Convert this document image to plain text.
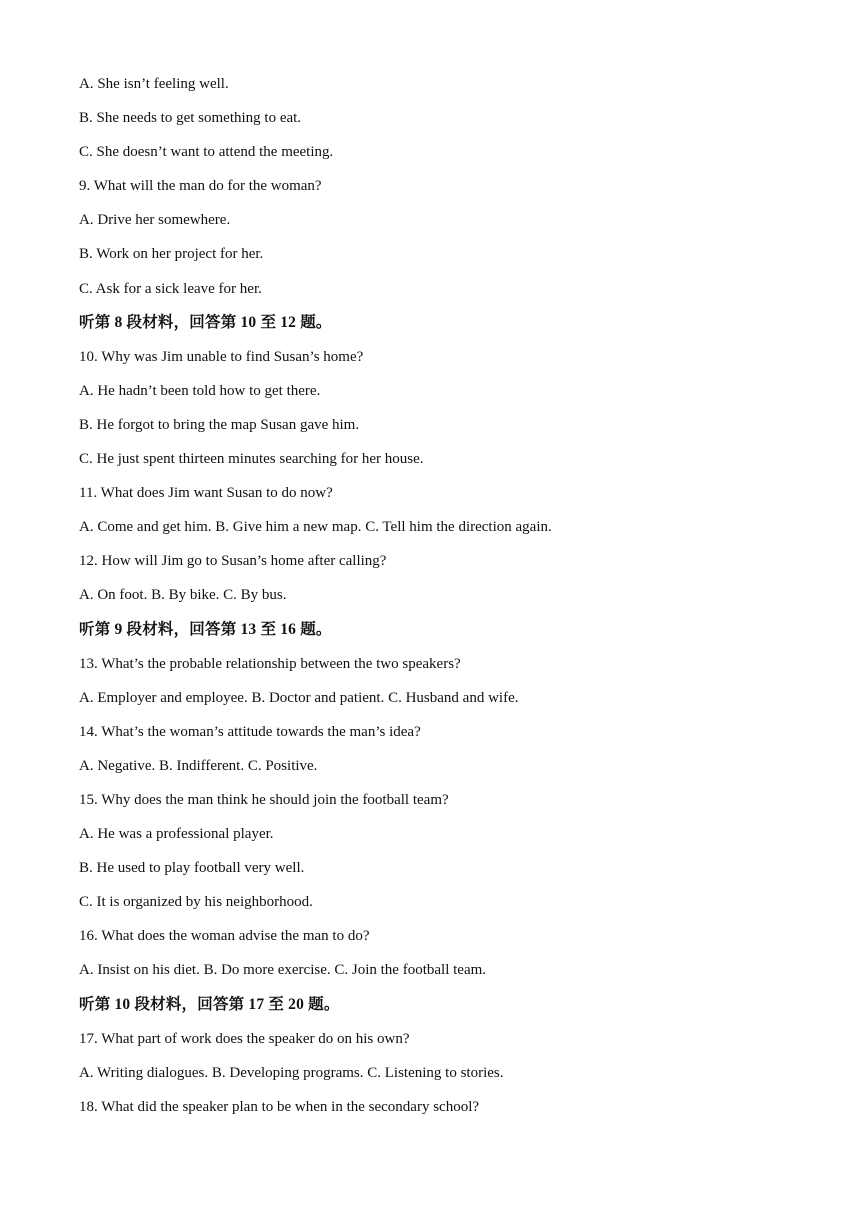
A. She isn’t feeling well.
B. She needs to get something to eat.
C. She doesn’t want to attend the meeting.
9. What will the man do for the woman?
A. Drive her somewhere.
B. Work on her project for her.
C. Ask for a sick leave for her.
听第 8 段材料，回答第 10 至 12 题。
10. Why was Jim unable to find Susan’s home?
A. He hadn’t been told how to get there.
B. He forgot to bring the map Susan gave him.
C. He just spent thirteen minutes searching for her house.
11. What does Jim want Susan to do now?
A. Come and get him. B. Give him a new map. C. Tell him the direction again.
12. How will Jim go to Susan’s home after calling?
A. On foot. B. By bike. C. By bus.
听第 9 段材料，回答第 13 至 16 题。
13. What’s the probable relationship between the two speakers?
A. Employer and employee. B. Doctor and patient. C. Husband and wife.
14. What’s the woman’s attitude towards the man’s idea?
A. Negative. B. Indifferent. C. Positive.
15. Why does the man think he should join the football team?
A. He was a professional player.
B. He used to play football very well.
C. It is organized by his neighborhood.
16. What does the woman advise the man to do?
A. Insist on his diet. B. Do more exercise. C. Join the football team.
听第 10 段材料，回答第 17 至 20 题。
17. What part of work does the speaker do on his own?
A. Writing dialogues. B. Developing programs. C. Listening to stories.
18. What did the speaker plan to be when in the secondary school?
